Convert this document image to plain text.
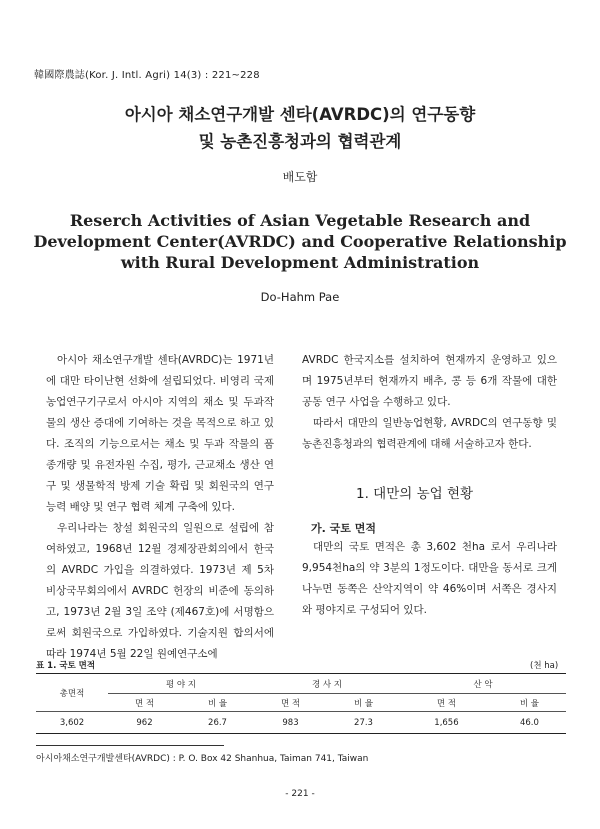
韓國際農誌(Kor. J. Intl. Agri) 14(3) : 221~228
아시아 채소연구개발 센타(AVRDC)의 연구동향
및 농촌진흥청과의 협력관계
배도함
Reserch Activities of Asian Vegetable Research and
Development Center(AVRDC) and Cooperative Relationship
with Rural Development Administration
Do-Hahm Pae

아시아 채소연구개발 센타(AVRDC)는 1971년에 대만 타이난현 선화에 설립되었다. 비영리 국제농업연구기구로서 아시아 지역의 채소 및 두과작물의 생산 증대에 기여하는 것을 목적으로 하고 있다. 조직의 기능으로서는 채소 및 두과 작물의 품종개량 및 유전자원 수집, 평가, 근교채소 생산 연구 및 생물학적 방제 기술 확립 및 회원국의 연구 능력 배양 및 연구 협력 체계 구축에 있다.

우리나라는 창설 회원국의 일원으로 설립에 참여하였고, 1968년 12월 경제장관회의에서 한국의 AVRDC 가입을 의결하였다. 1973년 제 5차 비상국무회의에서 AVRDC 헌장의 비준에 동의하고, 1973년 2월 3일 조약 (제467호)에 서명함으로써 회원국으로 가입하였다. 기술지원 합의서에 따라 1974년 5월 22일 원예연구소에

AVRDC 한국지소를 설치하여 현재까지 운영하고 있으며 1975년부터 현재까지 배추, 콩 등 6개 작물에 대한 공동 연구 사업을 수행하고 있다.

따라서 대만의 일반농업현황, AVRDC의 연구동향 및 농촌진흥청과의 협력관계에 대해 서술하고자 한다.

1. 대만의 농업 현황
가. 국토 면적

대만의 국토 면적은 총 3,602 천ha 로서 우리나라 9,954천ha의 약 3분의 1정도이다. 대만을 동서로 크게 나누면 동쪽은 산악지역이 약 46%이며 서쪽은 경사지와 평야지로 구성되어 있다.

표 1. 국토 면적	(천 ha)
총면적	평 야 지		경 사 지		산 악	
	면 적	비 율	면 적	비 율	면 적	비 율
3,602	962	26.7	983	27.3	1,656	46.0
아시아채소연구개발센타(AVRDC) : P. O. Box 42 Shanhua, Taiman 741, Taiwan
- 221 -
